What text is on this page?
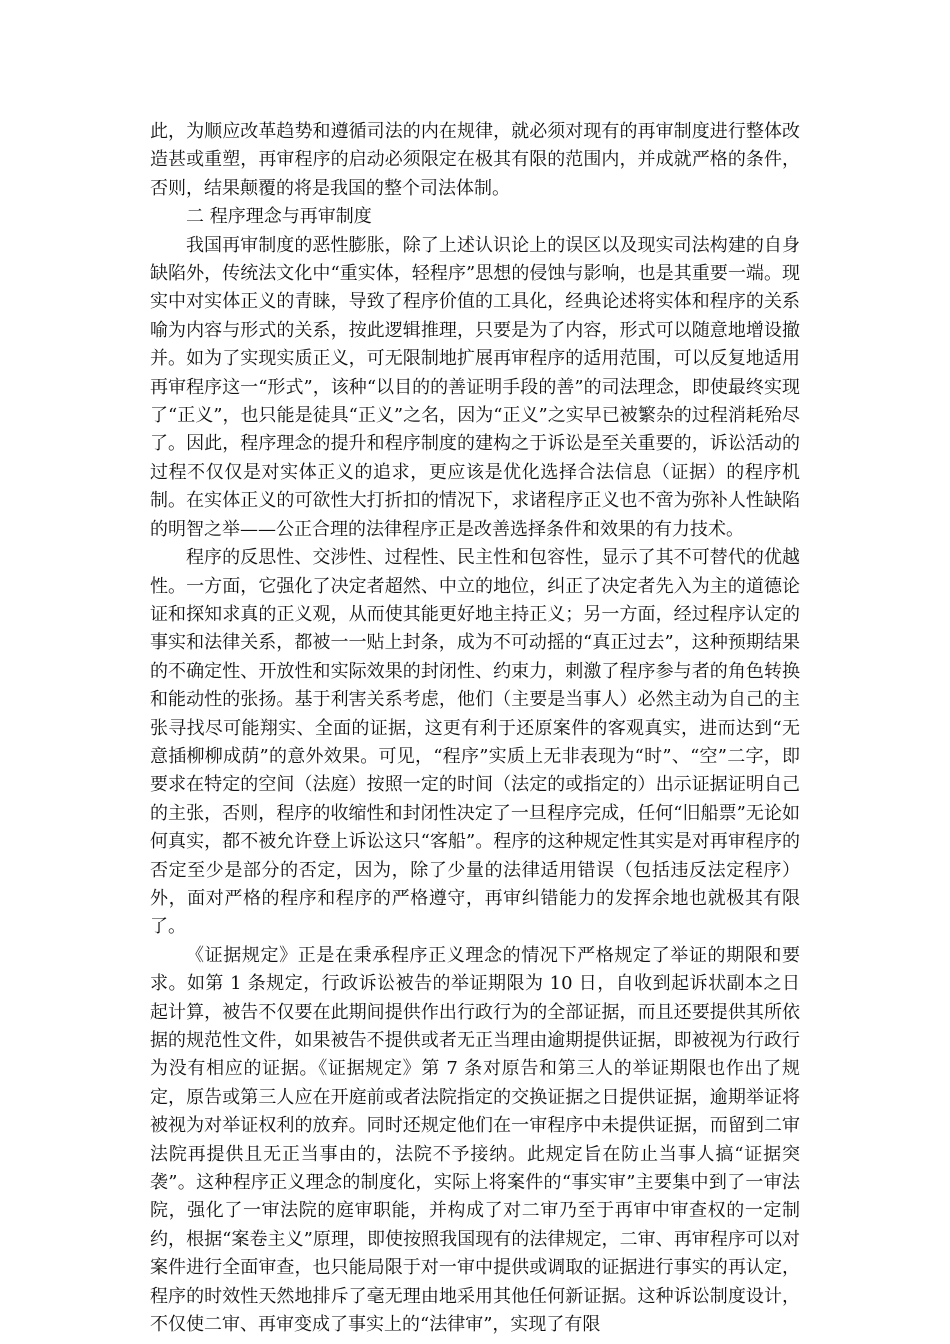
此，为顺应改革趋势和遵循司法的内在规律，就必须对现有的再审制度进行整体改造甚或重塑，再审程序的启动必须限定在极其有限的范围内，并成就严格的条件，否则，结果颠覆的将是我国的整个司法体制。

二 程序理念与再审制度

我国再审制度的恶性膨胀，除了上述认识论上的误区以及现实司法构建的自身缺陷外，传统法文化中“重实体，轻程序”思想的侵蚀与影响，也是其重要一端。现实中对实体正义的青睐，导致了程序价值的工具化，经典论述将实体和程序的关系喻为内容与形式的关系，按此逻辑推理，只要是为了内容，形式可以随意地增设撤并。如为了实现实质正义，可无限制地扩展再审程序的适用范围，可以反复地适用再审程序这一“形式”，该种“以目的的善证明手段的善”的司法理念，即使最终实现了“正义”，也只能是徒具“正义”之名，因为“正义”之实早已被繁杂的过程消耗殆尽了。因此，程序理念的提升和程序制度的建构之于诉讼是至关重要的，诉讼活动的过程不仅仅是对实体正义的追求，更应该是优化选择合法信息（证据）的程序机制。在实体正义的可欲性大打折扣的情况下，求诸程序正义也不啻为弥补人性缺陷的明智之举——公正合理的法律程序正是改善选择条件和效果的有力技术。

程序的反思性、交涉性、过程性、民主性和包容性，显示了其不可替代的优越性。一方面，它强化了决定者超然、中立的地位，纠正了决定者先入为主的道德论证和探知求真的正义观，从而使其能更好地主持正义；另一方面，经过程序认定的事实和法律关系，都被一一贴上封条，成为不可动摇的“真正过去”，这种预期结果的不确定性、开放性和实际效果的封闭性、约束力，刺激了程序参与者的角色转换和能动性的张扬。基于利害关系考虑，他们（主要是当事人）必然主动为自己的主张寻找尽可能翔实、全面的证据，这更有利于还原案件的客观真实，进而达到“无意插柳柳成荫”的意外效果。可见，“程序”实质上无非表现为“时”、“空”二字，即要求在特定的空间（法庭）按照一定的时间（法定的或指定的）出示证据证明自己的主张，否则，程序的收缩性和封闭性决定了一旦程序完成，任何“旧船票”无论如何真实，都不被允许登上诉讼这只“客船”。程序的这种规定性其实是对再审程序的否定至少是部分的否定，因为，除了少量的法律适用错误（包括违反法定程序）外，面对严格的程序和程序的严格遵守，再审纠错能力的发挥余地也就极其有限了。

《证据规定》正是在秉承程序正义理念的情况下严格规定了举证的期限和要求。如第 1 条规定，行政诉讼被告的举证期限为 10 日，自收到起诉状副本之日起计算，被告不仅要在此期间提供作出行政行为的全部证据，而且还要提供其所依据的规范性文件，如果被告不提供或者无正当理由逾期提供证据，即被视为行政行为没有相应的证据。《证据规定》第 7 条对原告和第三人的举证期限也作出了规定，原告或第三人应在开庭前或者法院指定的交换证据之日提供证据，逾期举证将被视为对举证权利的放弃。同时还规定他们在一审程序中未提供证据，而留到二审法院再提供且无正当事由的，法院不予接纳。此规定旨在防止当事人搞“证据突袭”。这种程序正义理念的制度化，实际上将案件的“事实审”主要集中到了一审法院，强化了一审法院的庭审职能，并构成了对二审乃至于再审中审查权的一定制约，根据“案卷主义”原理，即使按照我国现有的法律规定，二审、再审程序可以对案件进行全面审查，也只能局限于对一审中提供或调取的证据进行事实的再认定，程序的时效性天然地排斥了毫无理由地采用其他任何新证据。这种诉讼制度设计，不仅使二审、再审变成了事实上的“法律审”，实现了有限
